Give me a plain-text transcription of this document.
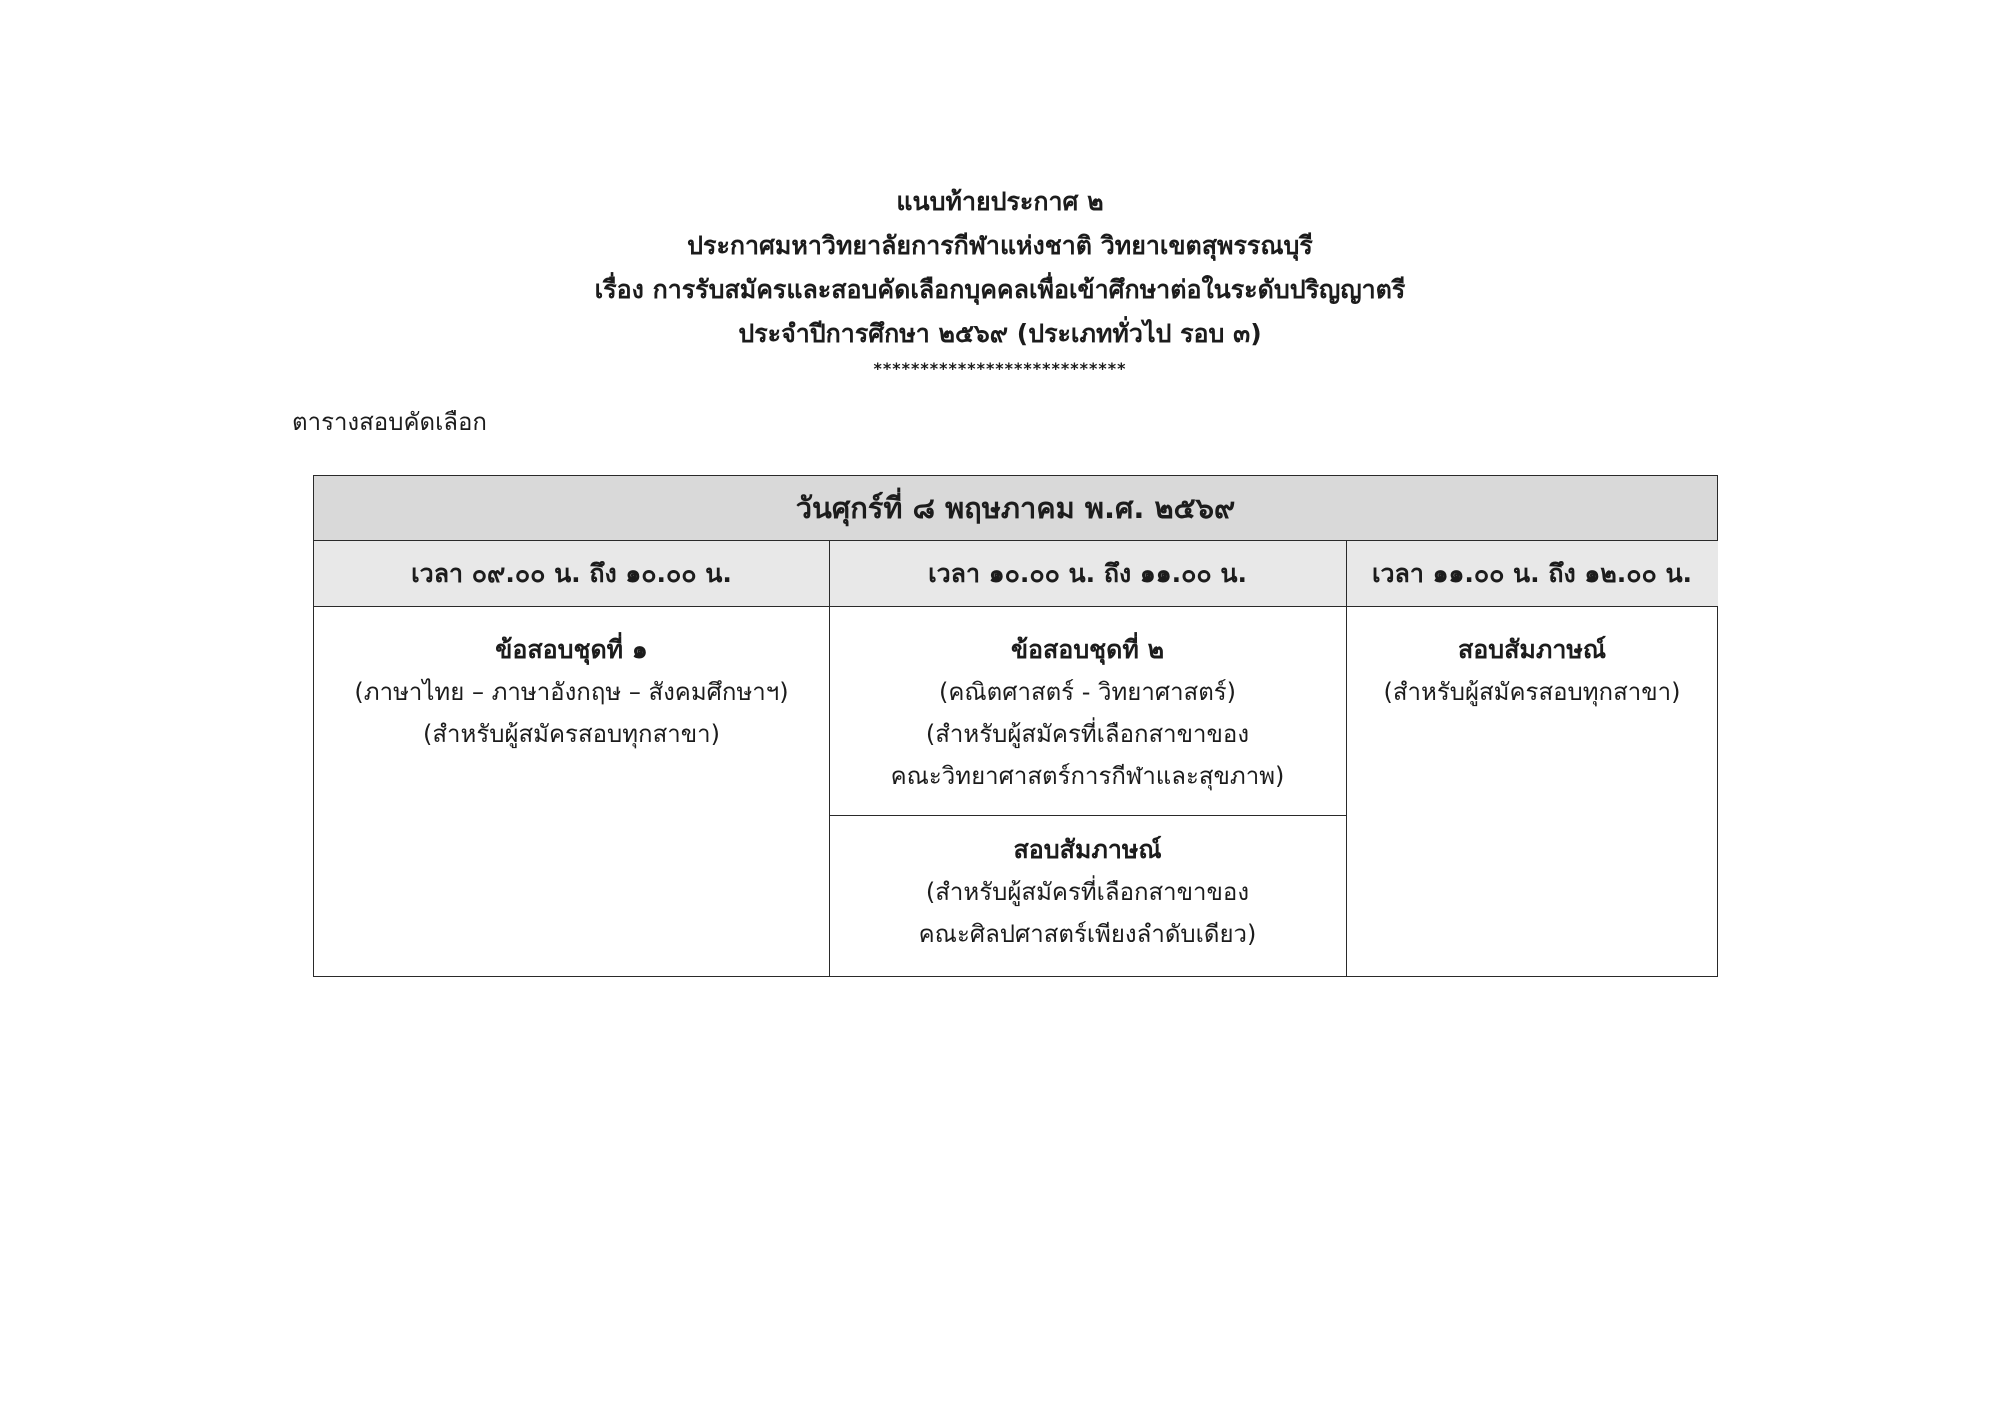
แนบท้ายประกาศ ๒
ประกาศมหาวิทยาลัยการกีฬาแห่งชาติ วิทยาเขตสุพรรณบุรี
เรื่อง การรับสมัครและสอบคัดเลือกบุคคลเพื่อเข้าศึกษาต่อในระดับปริญญาตรี
ประจำปีการศึกษา ๒๕๖๙ (ประเภททั่วไป รอบ ๓)
***************************
ตารางสอบคัดเลือก
วันศุกร์ที่ ๘ พฤษภาคม พ.ศ. ๒๕๖๙
เวลา ๐๙.๐๐ น. ถึง ๑๐.๐๐ น.	เวลา ๑๐.๐๐ น. ถึง ๑๑.๐๐ น.	เวลา ๑๑.๐๐ น. ถึง ๑๒.๐๐ น.
ข้อสอบชุดที่ ๑
(ภาษาไทย – ภาษาอังกฤษ – สังคมศึกษาฯ)
(สำหรับผู้สมัครสอบทุกสาขา)
ข้อสอบชุดที่ ๒
(คณิตศาสตร์ - วิทยาศาสตร์)
(สำหรับผู้สมัครที่เลือกสาขาของ
คณะวิทยาศาสตร์การกีฬาและสุขภาพ)
สอบสัมภาษณ์
(สำหรับผู้สมัครที่เลือกสาขาของ
คณะศิลปศาสตร์เพียงลำดับเดียว)
สอบสัมภาษณ์
(สำหรับผู้สมัครสอบทุกสาขา)
